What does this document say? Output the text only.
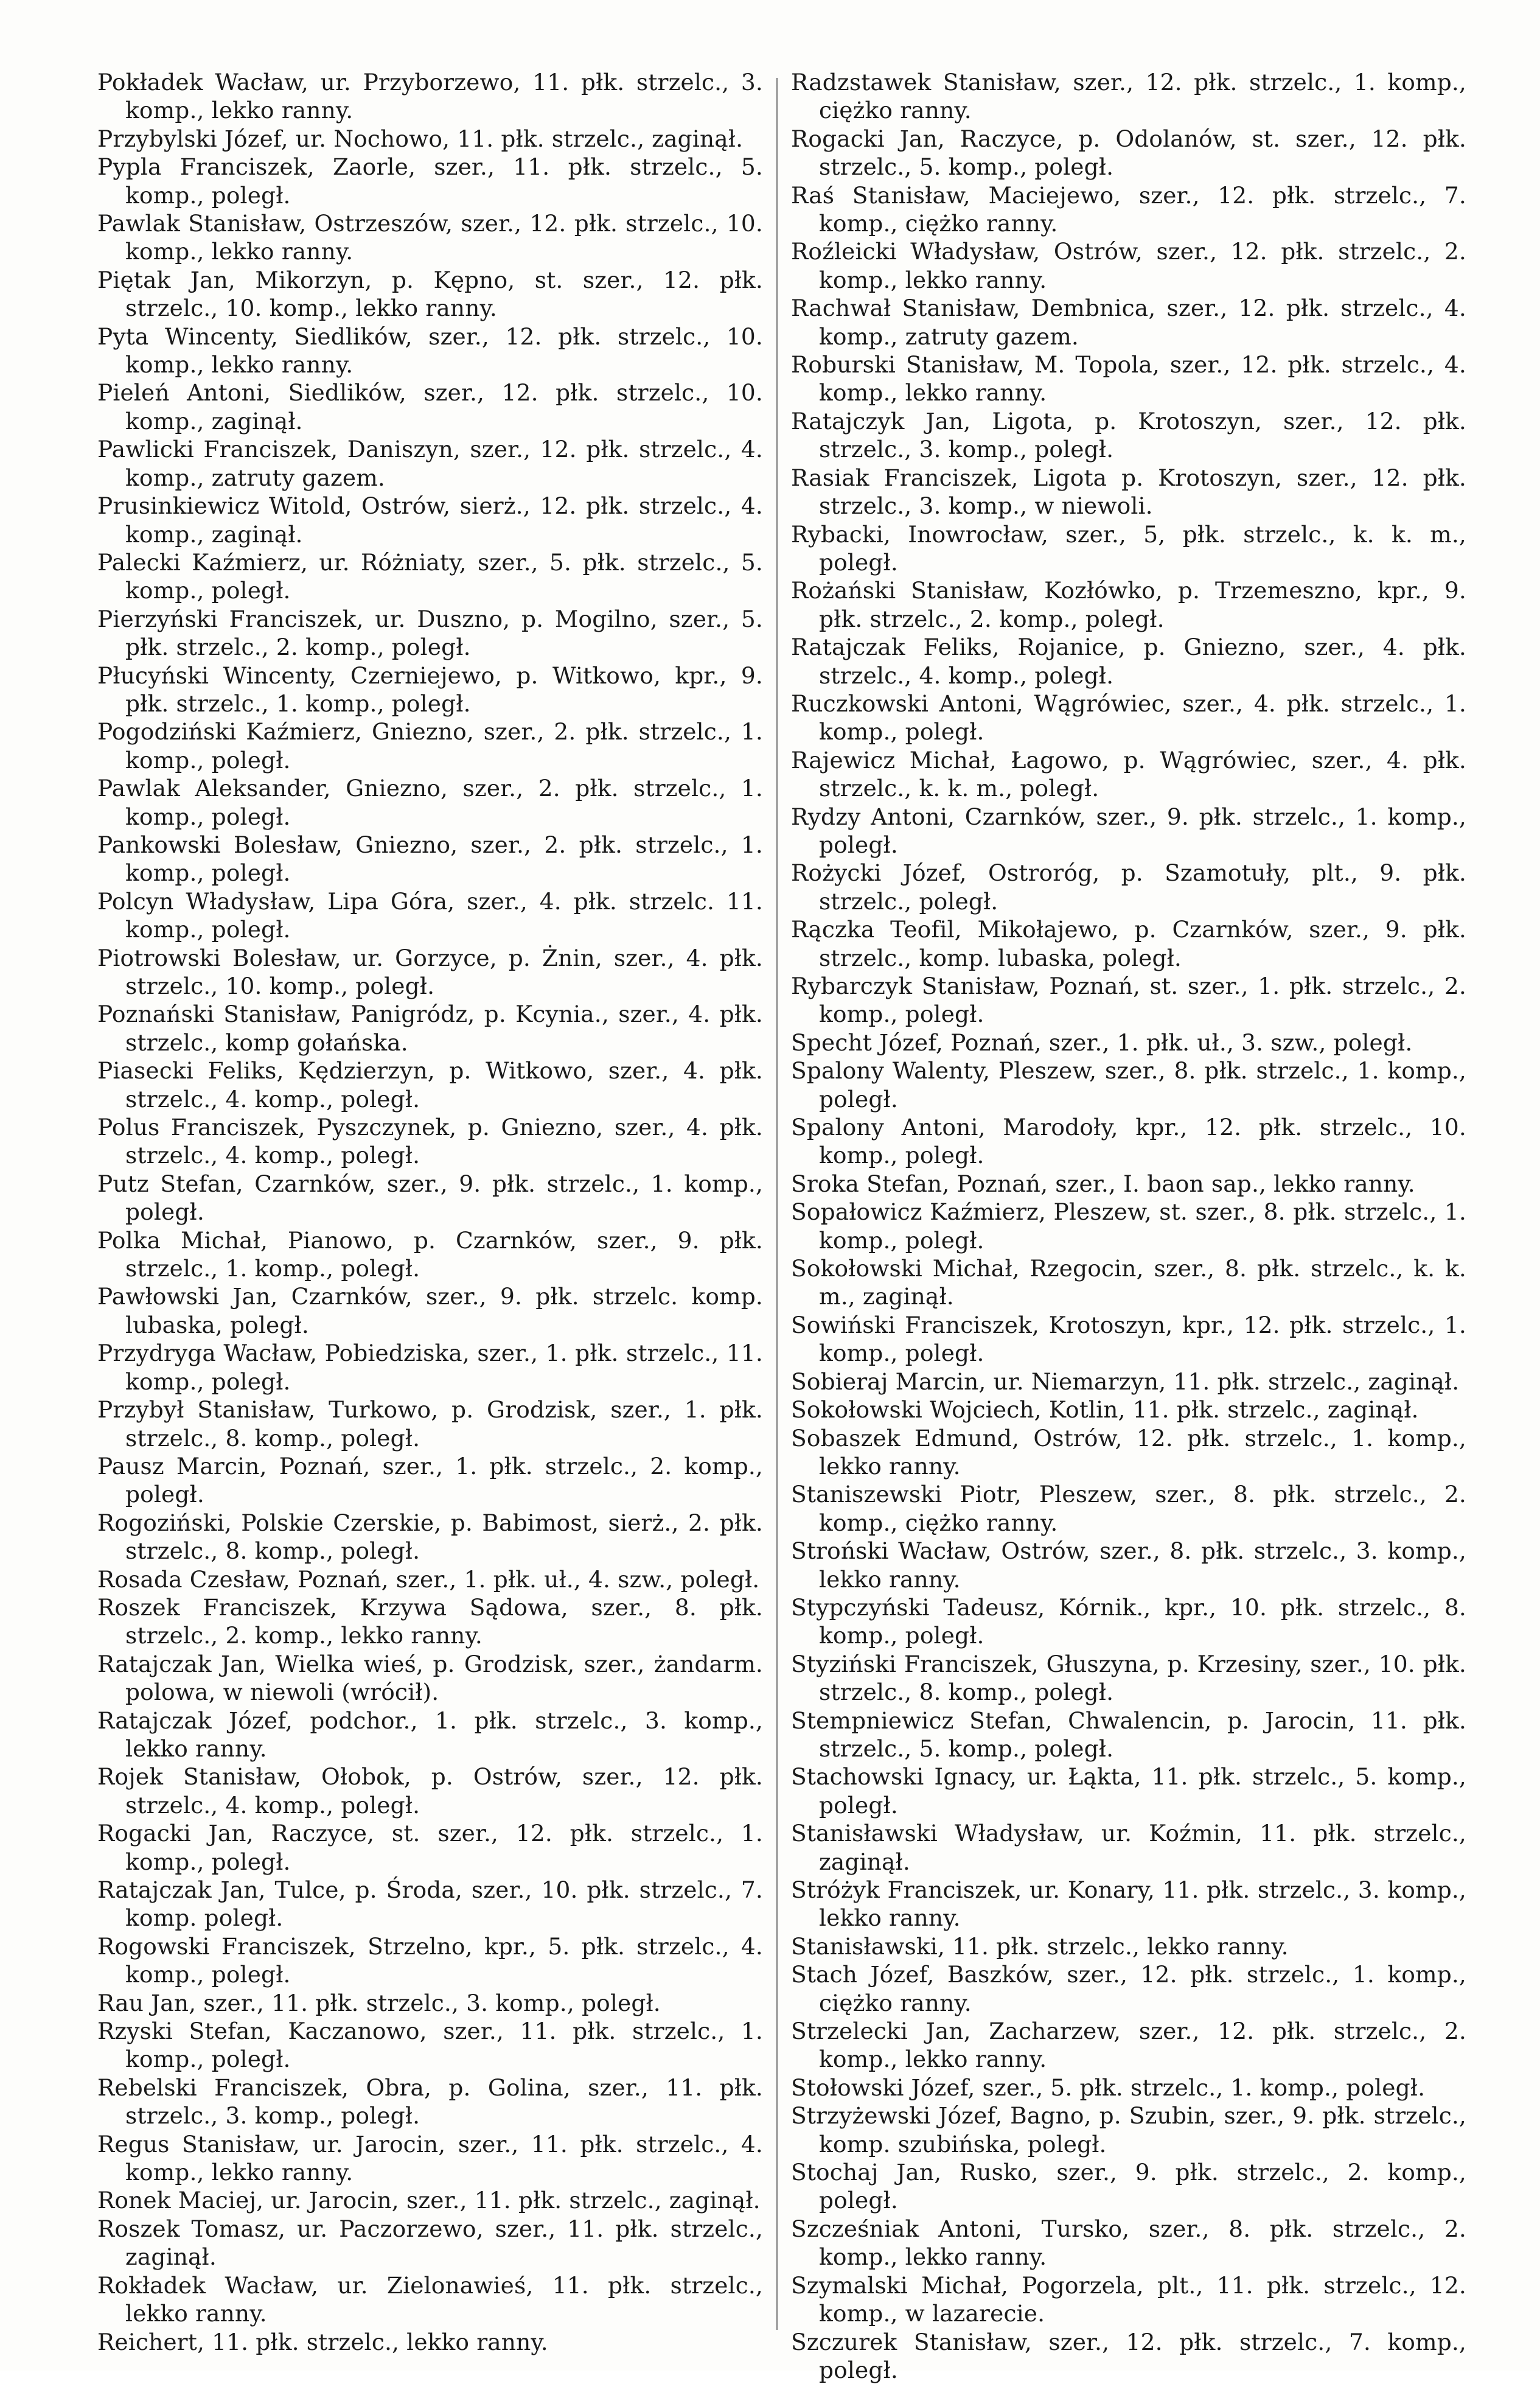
Pokładek Wacław, ur. Przyborzewo, 11. płk. strzelc., 3. komp., lekko ranny.
Przybylski Józef, ur. Nochowo, 11. płk. strzelc., zaginął.
Pypla Franciszek, Zaorle, szer., 11. płk. strzelc., 5. komp., poległ.
Pawlak Stanisław, Ostrzeszów, szer., 12. płk. strzelc., 10. komp., lekko ranny.
Piętak Jan, Mikorzyn, p. Kępno, st. szer., 12. płk. strzelc., 10. komp., lekko ranny.
Pyta Wincenty, Siedlików, szer., 12. płk. strzelc., 10. komp., lekko ranny.
Pieleń Antoni, Siedlików, szer., 12. płk. strzelc., 10. komp., zaginął.
Pawlicki Franciszek, Daniszyn, szer., 12. płk. strzelc., 4. komp., zatruty gazem.
Prusinkiewicz Witold, Ostrów, sierż., 12. płk. strzelc., 4. komp., zaginął.
Palecki Kaźmierz, ur. Różniaty, szer., 5. płk. strzelc., 5. komp., poległ.
Pierzyński Franciszek, ur. Duszno, p. Mogilno, szer., 5. płk. strzelc., 2. komp., poległ.
Płucyński Wincenty, Czerniejewo, p. Witkowo, kpr., 9. płk. strzelc., 1. komp., poległ.
Pogodziński Kaźmierz, Gniezno, szer., 2. płk. strzelc., 1. komp., poległ.
Pawlak Aleksander, Gniezno, szer., 2. płk. strzelc., 1. komp., poległ.
Pankowski Bolesław, Gniezno, szer., 2. płk. strzelc., 1. komp., poległ.
Polcyn Władysław, Lipa Góra, szer., 4. płk. strzelc. 11. komp., poległ.
Piotrowski Bolesław, ur. Gorzyce, p. Żnin, szer., 4. płk. strzelc., 10. komp., poległ.
Poznański Stanisław, Panigródz, p. Kcynia., szer., 4. płk. strzelc., komp gołańska.
Piasecki Feliks, Kędzierzyn, p. Witkowo, szer., 4. płk. strzelc., 4. komp., poległ.
Polus Franciszek, Pyszczynek, p. Gniezno, szer., 4. płk. strzelc., 4. komp., poległ.
Putz Stefan, Czarnków, szer., 9. płk. strzelc., 1. komp., poległ.
Polka Michał, Pianowo, p. Czarnków, szer., 9. płk. strzelc., 1. komp., poległ.
Pawłowski Jan, Czarnków, szer., 9. płk. strzelc. komp. lubaska, poległ.
Przydryga Wacław, Pobiedziska, szer., 1. płk. strzelc., 11. komp., poległ.
Przybył Stanisław, Turkowo, p. Grodzisk, szer., 1. płk. strzelc., 8. komp., poległ.
Pausz Marcin, Poznań, szer., 1. płk. strzelc., 2. komp., poległ.
Rogoziński, Polskie Czerskie, p. Babimost, sierż., 2. płk. strzelc., 8. komp., poległ.
Rosada Czesław, Poznań, szer., 1. płk. uł., 4. szw., poległ.
Roszek Franciszek, Krzywa Sądowa, szer., 8. płk. strzelc., 2. komp., lekko ranny.
Ratajczak Jan, Wielka wieś, p. Grodzisk, szer., żandarm. polowa, w niewoli (wrócił).
Ratajczak Józef, podchor., 1. płk. strzelc., 3. komp., lekko ranny.
Rojek Stanisław, Ołobok, p. Ostrów, szer., 12. płk. strzelc., 4. komp., poległ.
Rogacki Jan, Raczyce, st. szer., 12. płk. strzelc., 1. komp., poległ.
Ratajczak Jan, Tulce, p. Środa, szer., 10. płk. strzelc., 7. komp. poległ.
Rogowski Franciszek, Strzelno, kpr., 5. płk. strzelc., 4. komp., poległ.
Rau Jan, szer., 11. płk. strzelc., 3. komp., poległ.
Rzyski Stefan, Kaczanowo, szer., 11. płk. strzelc., 1. komp., poległ.
Rebelski Franciszek, Obra, p. Golina, szer., 11. płk. strzelc., 3. komp., poległ.
Regus Stanisław, ur. Jarocin, szer., 11. płk. strzelc., 4. komp., lekko ranny.
Ronek Maciej, ur. Jarocin, szer., 11. płk. strzelc., zaginął.
Roszek Tomasz, ur. Paczorzewo, szer., 11. płk. strzelc., zaginął.
Rokładek Wacław, ur. Zielonawieś, 11. płk. strzelc., lekko ranny.
Reichert, 11. płk. strzelc., lekko ranny.
Radzstawek Stanisław, szer., 12. płk. strzelc., 1. komp., ciężko ranny.
Rogacki Jan, Raczyce, p. Odolanów, st. szer., 12. płk. strzelc., 5. komp., poległ.
Raś Stanisław, Maciejewo, szer., 12. płk. strzelc., 7. komp., ciężko ranny.
Roźleicki Władysław, Ostrów, szer., 12. płk. strzelc., 2. komp., lekko ranny.
Rachwał Stanisław, Dembnica, szer., 12. płk. strzelc., 4. komp., zatruty gazem.
Roburski Stanisław, M. Topola, szer., 12. płk. strzelc., 4. komp., lekko ranny.
Ratajczyk Jan, Ligota, p. Krotoszyn, szer., 12. płk. strzelc., 3. komp., poległ.
Rasiak Franciszek, Ligota p. Krotoszyn, szer., 12. płk. strzelc., 3. komp., w niewoli.
Rybacki, Inowrocław, szer., 5, płk. strzelc., k. k. m., poległ.
Rożański Stanisław, Kozłówko, p. Trzemeszno, kpr., 9. płk. strzelc., 2. komp., poległ.
Ratajczak Feliks, Rojanice, p. Gniezno, szer., 4. płk. strzelc., 4. komp., poległ.
Ruczkowski Antoni, Wągrówiec, szer., 4. płk. strzelc., 1. komp., poległ.
Rajewicz Michał, Łagowo, p. Wągrówiec, szer., 4. płk. strzelc., k. k. m., poległ.
Rydzy Antoni, Czarnków, szer., 9. płk. strzelc., 1. komp., poległ.
Rożycki Józef, Ostroróg, p. Szamotuły, plt., 9. płk. strzelc., poległ.
Rączka Teofil, Mikołajewo, p. Czarnków, szer., 9. płk. strzelc., komp. lubaska, poległ.
Rybarczyk Stanisław, Poznań, st. szer., 1. płk. strzelc., 2. komp., poległ.
Specht Józef, Poznań, szer., 1. płk. uł., 3. szw., poległ.
Spalony Walenty, Pleszew, szer., 8. płk. strzelc., 1. komp., poległ.
Spalony Antoni, Marodoły, kpr., 12. płk. strzelc., 10. komp., poległ.
Sroka Stefan, Poznań, szer., I. baon sap., lekko ranny.
Sopałowicz Kaźmierz, Pleszew, st. szer., 8. płk. strzelc., 1. komp., poległ.
Sokołowski Michał, Rzegocin, szer., 8. płk. strzelc., k. k. m., zaginął.
Sowiński Franciszek, Krotoszyn, kpr., 12. płk. strzelc., 1. komp., poległ.
Sobieraj Marcin, ur. Niemarzyn, 11. płk. strzelc., zaginął.
Sokołowski Wojciech, Kotlin, 11. płk. strzelc., zaginął.
Sobaszek Edmund, Ostrów, 12. płk. strzelc., 1. komp., lekko ranny.
Staniszewski Piotr, Pleszew, szer., 8. płk. strzelc., 2. komp., ciężko ranny.
Stroński Wacław, Ostrów, szer., 8. płk. strzelc., 3. komp., lekko ranny.
Stypczyński Tadeusz, Kórnik., kpr., 10. płk. strzelc., 8. komp., poległ.
Styziński Franciszek, Głuszyna, p. Krzesiny, szer., 10. płk. strzelc., 8. komp., poległ.
Stempniewicz Stefan, Chwalencin, p. Jarocin, 11. płk. strzelc., 5. komp., poległ.
Stachowski Ignacy, ur. Łąkta, 11. płk. strzelc., 5. komp., poległ.
Stanisławski Władysław, ur. Koźmin, 11. płk. strzelc., zaginął.
Stróżyk Franciszek, ur. Konary, 11. płk. strzelc., 3. komp., lekko ranny.
Stanisławski, 11. płk. strzelc., lekko ranny.
Stach Józef, Baszków, szer., 12. płk. strzelc., 1. komp., ciężko ranny.
Strzelecki Jan, Zacharzew, szer., 12. płk. strzelc., 2. komp., lekko ranny.
Stołowski Józef, szer., 5. płk. strzelc., 1. komp., poległ.
Strzyżewski Józef, Bagno, p. Szubin, szer., 9. płk. strzelc., komp. szubińska, poległ.
Stochaj Jan, Rusko, szer., 9. płk. strzelc., 2. komp., poległ.
Szcześniak Antoni, Tursko, szer., 8. płk. strzelc., 2. komp., lekko ranny.
Szymalski Michał, Pogorzela, plt., 11. płk. strzelc., 12. komp., w lazarecie.
Szczurek Stanisław, szer., 12. płk. strzelc., 7. komp., poległ.
